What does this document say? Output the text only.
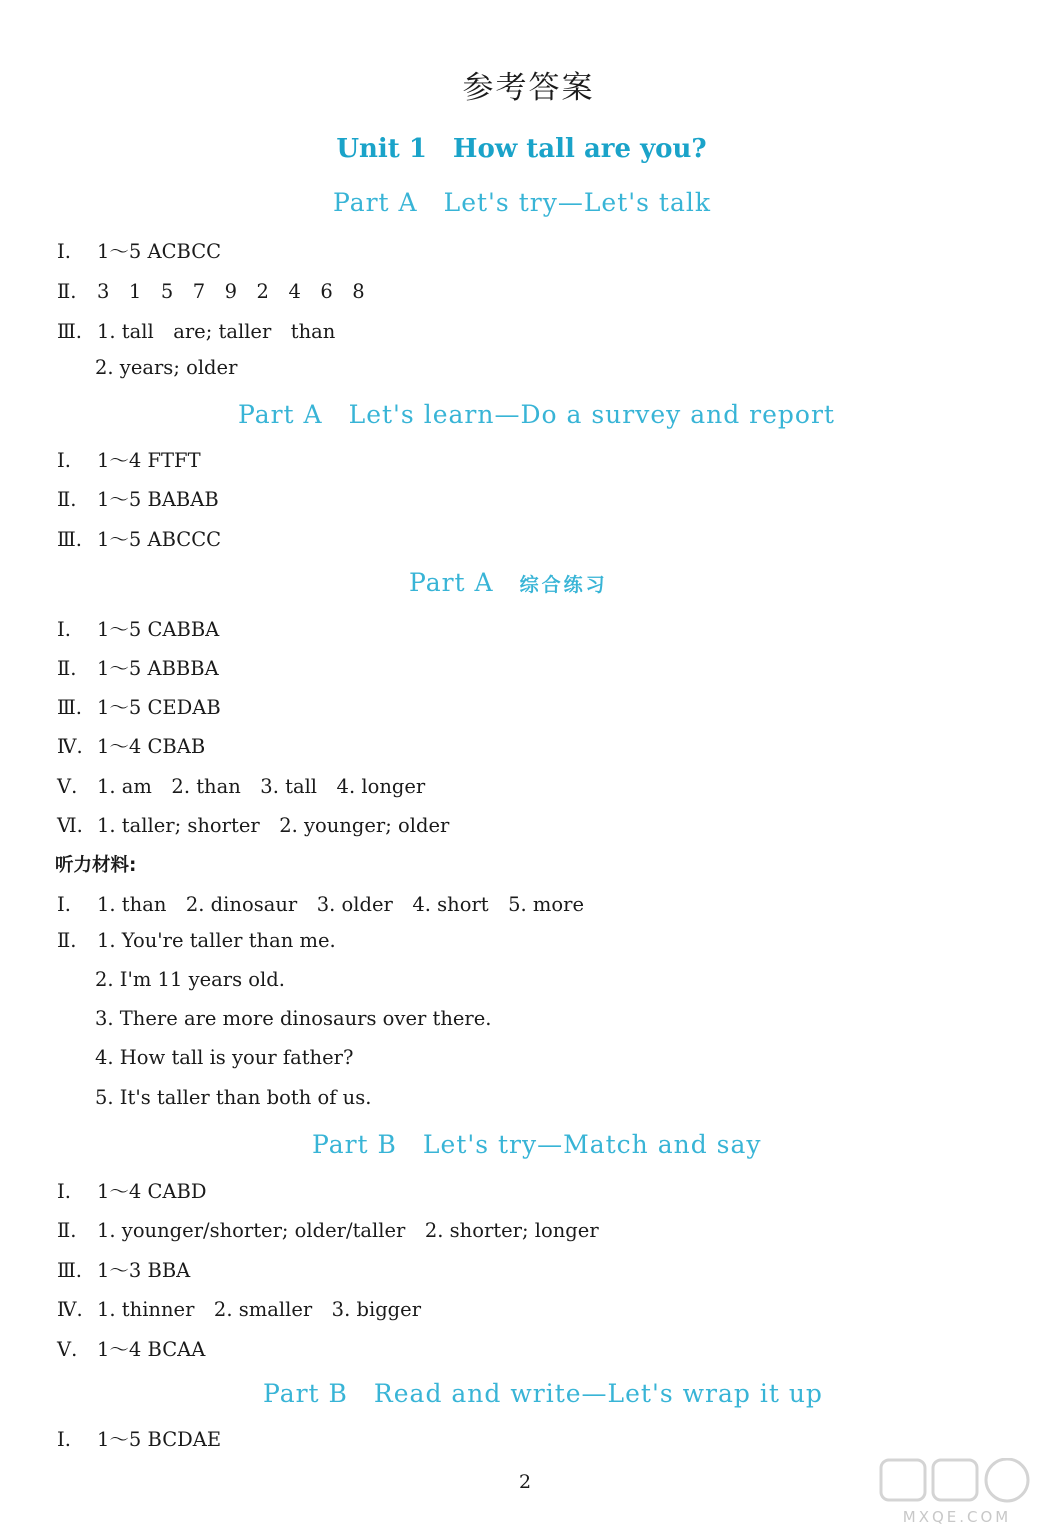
参考答案
Unit 1　How tall are you?
Part A　Let's try—Let's talk
Ⅰ. 1～5 ACBCC
Ⅱ. 3　1　5　7　9　2　4　6　8
Ⅲ. 1. tall　are; taller　than
2. years; older
Part A　Let's learn—Do a survey and report
Ⅰ. 1～4 FTFT
Ⅱ. 1～5 BABAB
Ⅲ. 1～5 ABCCC
Part A　 综合练习
Ⅰ. 1～5 CABBA
Ⅱ. 1～5 ABBBA
Ⅲ. 1～5 CEDAB
Ⅳ. 1～4 CBAB
Ⅴ. 1. am　2. than　3. tall　4. longer
Ⅵ. 1. taller; shorter　2. younger; older
听力材料:
Ⅰ. 1. than　2. dinosaur　3. older　4. short　5. more
Ⅱ. 1. You're taller than me.
2. I'm 11 years old.
3. There are more dinosaurs over there.
4. How tall is your father?
5. It's taller than both of us.
Part B　Let's try—Match and say
Ⅰ. 1～4 CABD
Ⅱ. 1. younger/shorter; older/taller　2. shorter; longer
Ⅲ. 1～3 BBA
Ⅳ. 1. thinner　2. smaller　3. bigger
Ⅴ. 1～4 BCAA
Part B　Read and write—Let's wrap it up
Ⅰ. 1～5 BCDAE
2
MXQE.COM
